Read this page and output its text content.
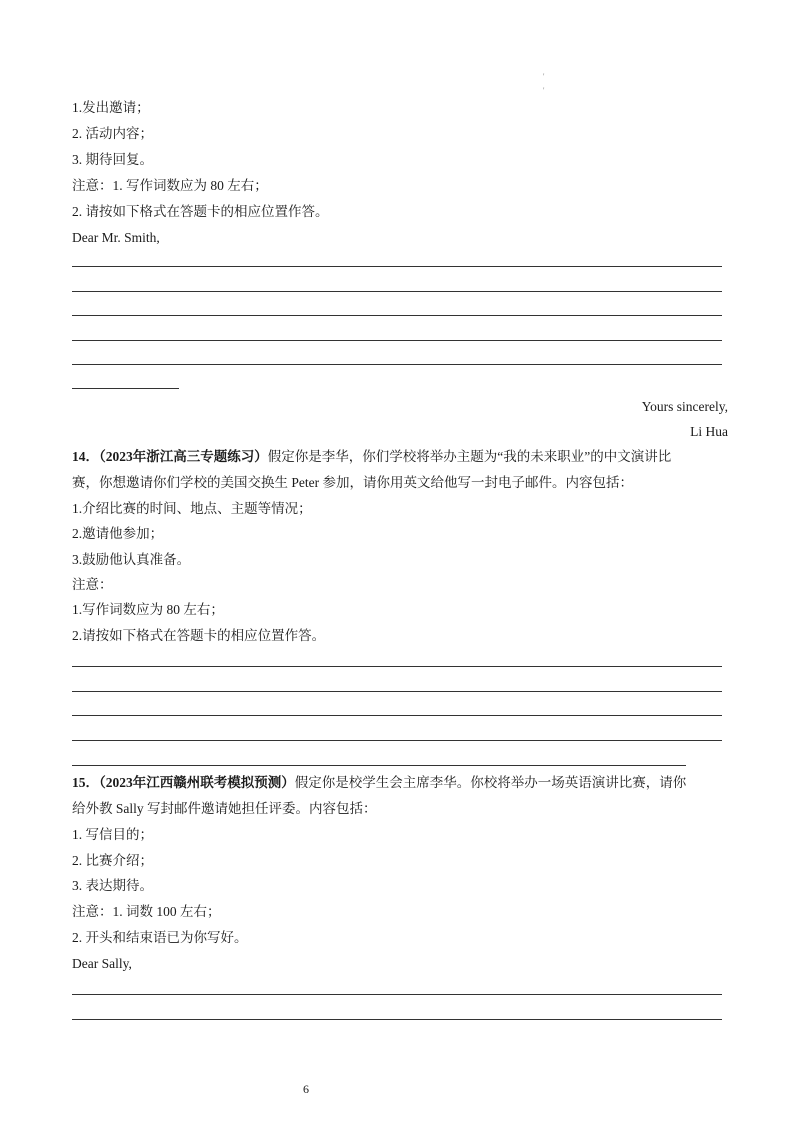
'
'
1.发出邀请；
2. 活动内容；
3. 期待回复。
注意：1. 写作词数应为 80 左右；
2. 请按如下格式在答题卡的相应位置作答。
Dear Mr. Smith,
Yours sincerely,
Li Hua
14．（2023年浙江高三专题练习）假定你是李华，你们学校将举办主题为“我的未来职业”的中文演讲比
赛，你想邀请你们学校的美国交换生 Peter 参加，请你用英文给他写一封电子邮件。内容包括：
1.介绍比赛的时间、地点、主题等情况；
2.邀请他参加；
3.鼓励他认真准备。
注意：
1.写作词数应为 80 左右；
2.请按如下格式在答题卡的相应位置作答。
15．（2023年江西赣州联考模拟预测）假定你是校学生会主席李华。你校将举办一场英语演讲比赛，请你
给外教 Sally 写封邮件邀请她担任评委。内容包括：
1. 写信目的；
2. 比赛介绍；
3. 表达期待。
注意：1. 词数 100 左右；
2. 开头和结束语已为你写好。
Dear Sally,
6
